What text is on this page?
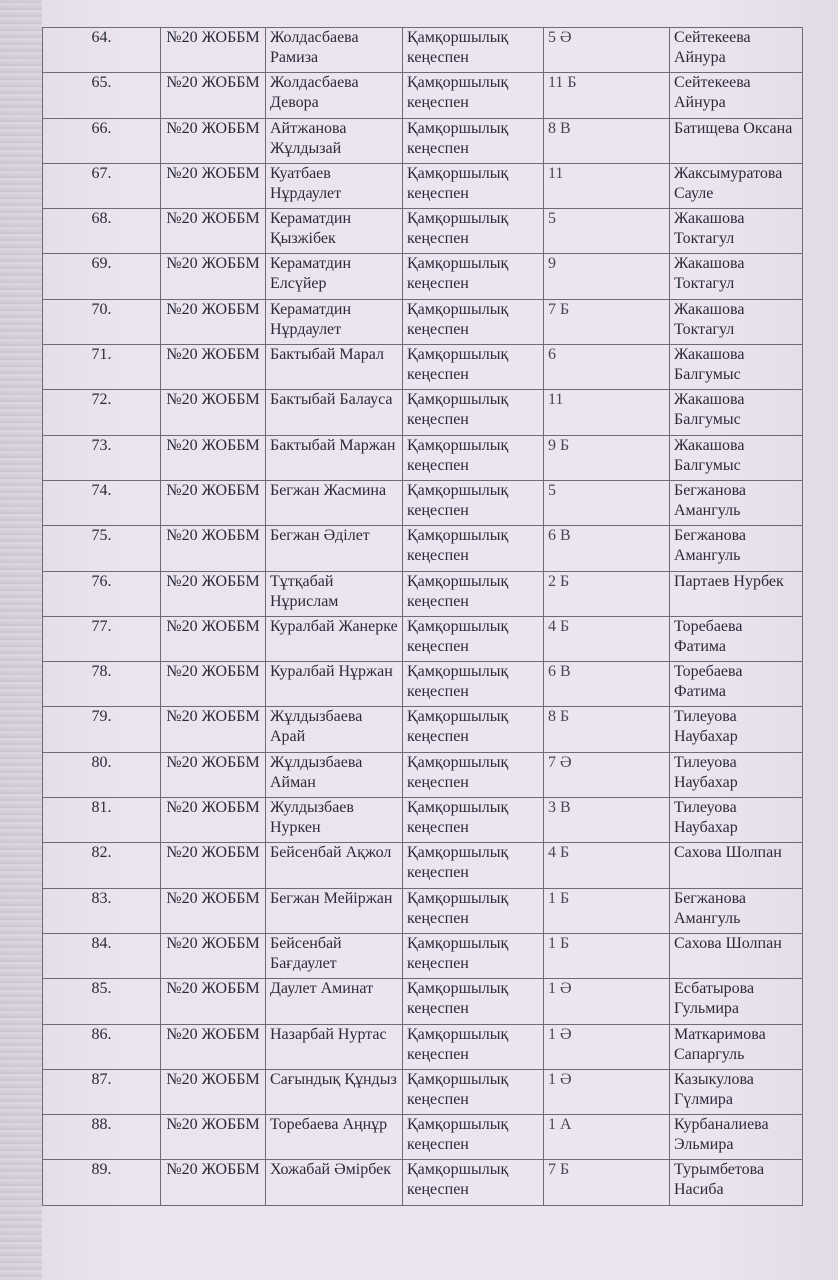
64.	№20 ЖОББМ	Жолдасбаева Рамиза	Қамқоршылық кеңеспен	5 Ә	Сейтекеева Айнура
65.	№20 ЖОББМ	Жолдасбаева Девора	Қамқоршылық кеңеспен	11 Б	Сейтекеева Айнура
66.	№20 ЖОББМ	Айтжанова Жұлдызай	Қамқоршылық кеңеспен	8 В	Батищева Оксана
67.	№20 ЖОББМ	Куатбаев Нұрдаулет	Қамқоршылық кеңеспен	11	Жаксымуратова Сауле
68.	№20 ЖОББМ	Кераматдин Қызжібек	Қамқоршылық кеңеспен	5	Жакашова Токтагул
69.	№20 ЖОББМ	Кераматдин Елсүйер	Қамқоршылық кеңеспен	9	Жакашова Токтагул
70.	№20 ЖОББМ	Кераматдин Нұрдаулет	Қамқоршылық кеңеспен	7 Б	Жакашова Токтагул
71.	№20 ЖОББМ	Бактыбай Марал	Қамқоршылық кеңеспен	6	Жакашова Балгумыс
72.	№20 ЖОББМ	Бактыбай Балауса	Қамқоршылық кеңеспен	11	Жакашова Балгумыс
73.	№20 ЖОББМ	Бактыбай Маржан	Қамқоршылық кеңеспен	9 Б	Жакашова Балгумыс
74.	№20 ЖОББМ	Бегжан Жасмина	Қамқоршылық кеңеспен	5	Бегжанова Амангуль
75.	№20 ЖОББМ	Бегжан Әділет	Қамқоршылық кеңеспен	6 В	Бегжанова Амангуль
76.	№20 ЖОББМ	Тұтқабай Нұрислам	Қамқоршылық кеңеспен	2 Б	Партаев Нурбек
77.	№20 ЖОББМ	Куралбай Жанерке	Қамқоршылық кеңеспен	4 Б	Торебаева Фатима
78.	№20 ЖОББМ	Куралбай Нұржан	Қамқоршылық кеңеспен	6 В	Торебаева Фатима
79.	№20 ЖОББМ	Жұлдызбаева Арай	Қамқоршылық кеңеспен	8 Б	Тилеуова Наубахар
80.	№20 ЖОББМ	Жұлдызбаева Айман	Қамқоршылық кеңеспен	7 Ә	Тилеуова Наубахар
81.	№20 ЖОББМ	Жулдызбаев Нуркен	Қамқоршылық кеңеспен	3 В	Тилеуова Наубахар
82.	№20 ЖОББМ	Бейсенбай Ақжол	Қамқоршылық кеңеспен	4 Б	Сахова Шолпан
83.	№20 ЖОББМ	Бегжан Мейіржан	Қамқоршылық кеңеспен	1 Б	Бегжанова Амангуль
84.	№20 ЖОББМ	Бейсенбай Бағдаулет	Қамқоршылық кеңеспен	1 Б	Сахова Шолпан
85.	№20 ЖОББМ	Даулет Аминат	Қамқоршылық кеңеспен	1 Ә	Есбатырова Гульмира
86.	№20 ЖОББМ	Назарбай Нуртас	Қамқоршылық кеңеспен	1 Ә	Маткаримова Сапаргуль
87.	№20 ЖОББМ	Сағындық Құндыз	Қамқоршылық кеңеспен	1 Ә	Казыкулова Гүлмира
88.	№20 ЖОББМ	Торебаева Аңнұр	Қамқоршылық кеңеспен	1 А	Курбаналиева Эльмира
89.	№20 ЖОББМ	Хожабай Әмірбек	Қамқоршылық кеңеспен	7 Б	Турымбетова Насиба
